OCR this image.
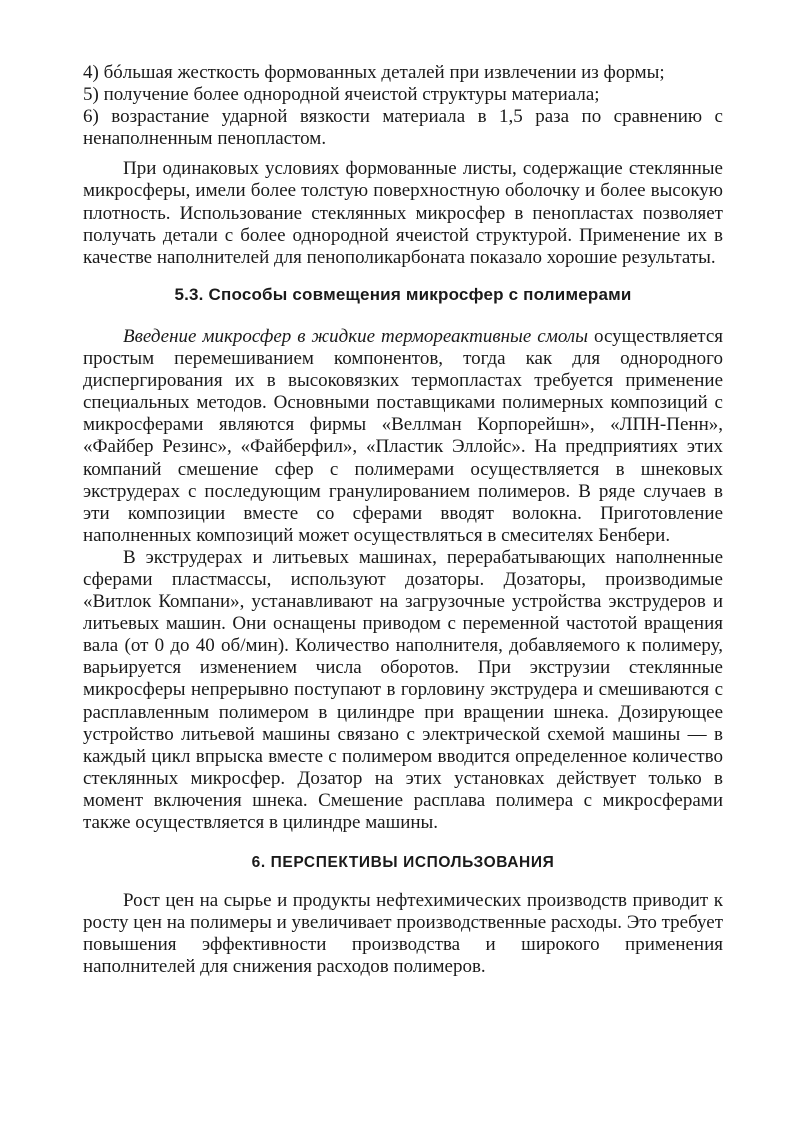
4) бóльшая жесткость формованных деталей при извлечении из формы;

5) получение более однородной ячеистой структуры материала;

6) возрастание ударной вязкости материала в 1,5 раза по сравнению с ненаполненным пенопластом.

При одинаковых условиях формованные листы, содержащие стеклянные микросферы, имели более толстую поверхностную оболочку и более высокую плотность. Использование стеклянных микросфер в пенопластах позволяет получать детали с более однородной ячеистой структурой. Применение их в качестве наполнителей для пенополикарбоната показало хорошие результаты.

5.3. Способы совмещения микросфер с полимерами

Введение микросфер в жидкие термореактивные смолы осуществляется простым перемешиванием компонентов, тогда как для однородного диспергирования их в высоковязких термопластах требуется применение специальных методов. Основными поставщиками полимерных композиций с микросферами являются фирмы «Веллман Корпорейшн», «ЛПН-Пенн», «Файбер Резинс», «Файберфил», «Пластик Эллойс». На предприятиях этих компаний смешение сфер с полимерами осуществляется в шнековых экструдерах с последующим гранулированием полимеров. В ряде случаев в эти композиции вместе со сферами вводят волокна. Приготовление наполненных композиций может осуществляться в смесителях Бенбери.

В экструдерах и литьевых машинах, перерабатывающих наполненные сферами пластмассы, используют дозаторы. Дозаторы, производимые «Витлок Компани», устанавливают на загрузочные устройства экструдеров и литьевых машин. Они оснащены приводом с переменной частотой вращения вала (от 0 до 40 об/мин). Количество наполнителя, добавляемого к полимеру, варьируется изменением числа оборотов. При экструзии стеклянные микросферы непрерывно поступают в горловину экструдера и смешиваются с расплавленным полимером в цилиндре при вращении шнека. Дозирующее устройство литьевой машины связано с электрической схемой машины — в каждый цикл впрыска вместе с полимером вводится определенное количество стеклянных микросфер. Дозатор на этих установках действует только в момент включения шнека. Смешение расплава полимера с микросферами также осуществляется в цилиндре машины.

6. ПЕРСПЕКТИВЫ ИСПОЛЬЗОВАНИЯ

Рост цен на сырье и продукты нефтехимических производств приводит к росту цен на полимеры и увеличивает производственные расходы. Это требует повышения эффективности производства и широкого применения наполнителей для снижения расходов полимеров.
